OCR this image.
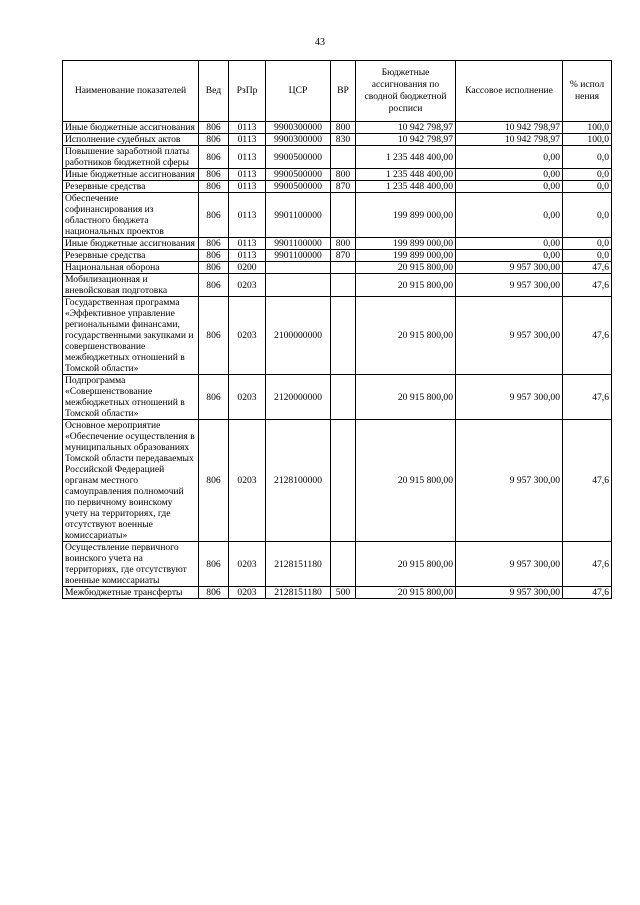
43
Наименование показателей	Вед	РзПр	ЦСР	ВР	Бюджетные ассигнования по сводной бюджетной росписи	Кассовое исполнение	% испол нения
Иные бюджетные ассигнования	806	0113	9900300000	800	10 942 798,97	10 942 798,97	100,0
Исполнение судебных актов	806	0113	9900300000	830	10 942 798,97	10 942 798,97	100,0
Повышение заработной платы работников бюджетной сферы	806	0113	9900500000		1 235 448 400,00	0,00	0,0
Иные бюджетные ассигнования	806	0113	9900500000	800	1 235 448 400,00	0,00	0,0
Резервные средства	806	0113	9900500000	870	1 235 448 400,00	0,00	0,0
Обеспечение софинансирования из областного бюджета национальных проектов	806	0113	9901100000		199 899 000,00	0,00	0,0
Иные бюджетные ассигнования	806	0113	9901100000	800	199 899 000,00	0,00	0,0
Резервные средства	806	0113	9901100000	870	199 899 000,00	0,00	0,0
Национальная оборона	806	0200			20 915 800,00	9 957 300,00	47,6
Мобилизационная и вневойсковая подготовка	806	0203			20 915 800,00	9 957 300,00	47,6
Государственная программа «Эффективное управление региональными финансами, государственными закупками и совершенствование межбюджетных отношений в Томской области»	806	0203	2100000000		20 915 800,00	9 957 300,00	47,6
Подпрограмма «Совершенствование межбюджетных отношений в Томской области»	806	0203	2120000000		20 915 800,00	9 957 300,00	47,6
Основное мероприятие «Обеспечение осуществления в муниципальных образованиях Томской области передаваемых Российской Федерацией органам местного самоуправления полномочий по первичному воинскому учету на территориях, где отсутствуют военные комиссариаты»	806	0203	2128100000		20 915 800,00	9 957 300,00	47,6
Осуществление первичного воинского учета на территориях, где отсутствуют военные комиссариаты	806	0203	2128151180		20 915 800,00	9 957 300,00	47,6
Межбюджетные трансферты	806	0203	2128151180	500	20 915 800,00	9 957 300,00	47,6
